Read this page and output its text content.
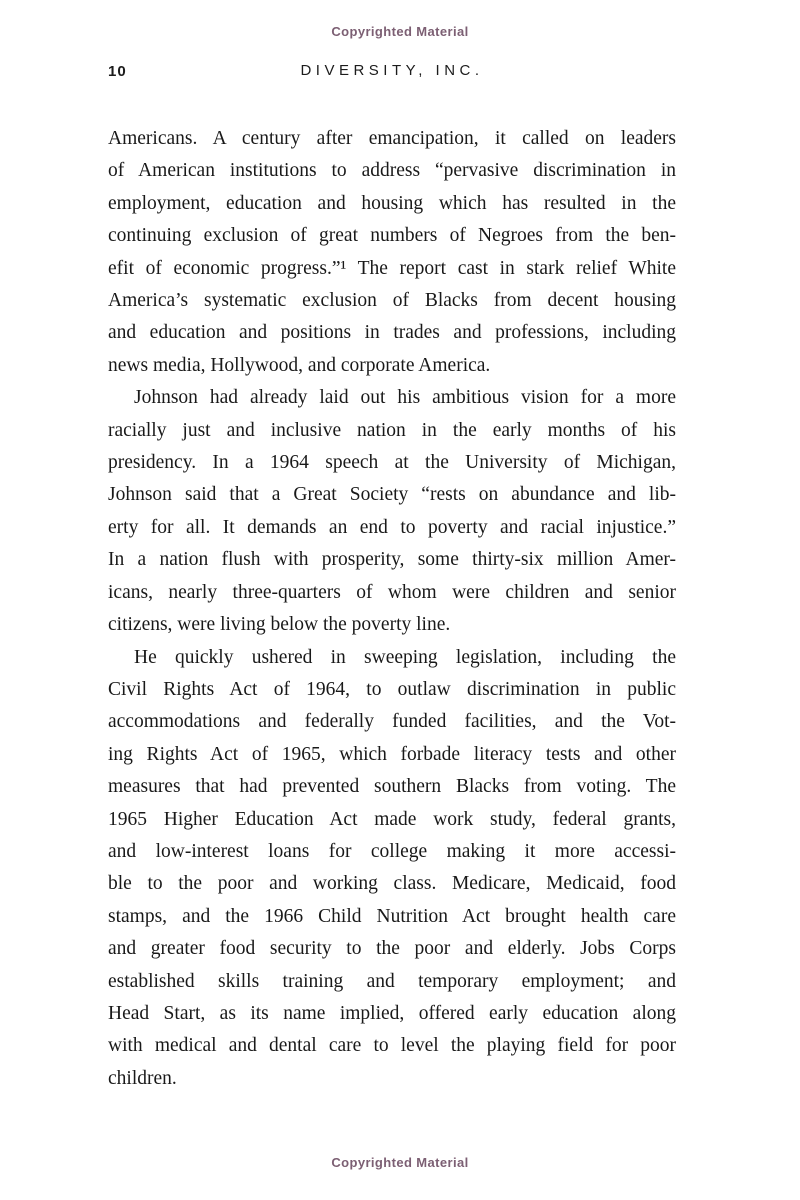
Copyrighted Material
10	DIVERSITY, INC.
Americans. A century after emancipation, it called on leaders
of American institutions to address “pervasive discrimination in
employment, education and housing which has resulted in the
continuing exclusion of great numbers of Negroes from the ben-
efit of economic progress.”¹ The report cast in stark relief White
America’s systematic exclusion of Blacks from decent housing
and education and positions in trades and professions, including
news media, Hollywood, and corporate America.
Johnson had already laid out his ambitious vision for a more
racially just and inclusive nation in the early months of his
presidency. In a 1964 speech at the University of Michigan,
Johnson said that a Great Society “rests on abundance and lib-
erty for all. It demands an end to poverty and racial injustice.”
In a nation flush with prosperity, some thirty-six million Amer-
icans, nearly three-quarters of whom were children and senior
citizens, were living below the poverty line.
He quickly ushered in sweeping legislation, including the
Civil Rights Act of 1964, to outlaw discrimination in public
accommodations and federally funded facilities, and the Vot-
ing Rights Act of 1965, which forbade literacy tests and other
measures that had prevented southern Blacks from voting. The
1965 Higher Education Act made work study, federal grants,
and low-interest loans for college making it more accessi-
ble to the poor and working class. Medicare, Medicaid, food
stamps, and the 1966 Child Nutrition Act brought health care
and greater food security to the poor and elderly. Jobs Corps
established skills training and temporary employment; and
Head Start, as its name implied, offered early education along
with medical and dental care to level the playing field for poor
children.
Copyrighted Material
